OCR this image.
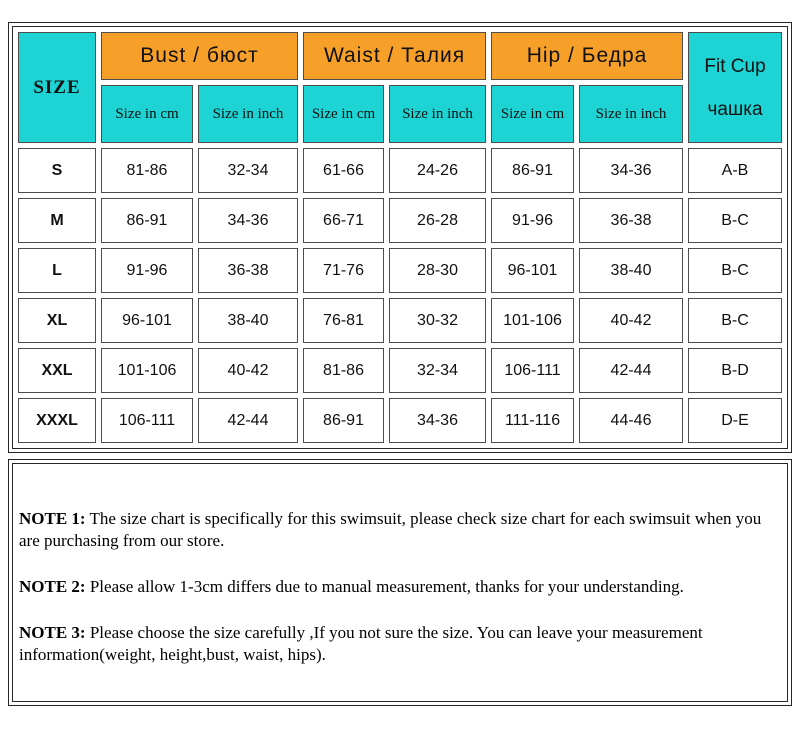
SIZE	Bust / бюст		Waist / Талия		Hip / Бедра		Fit Cup
чашка

	Size in cm	Size in inch	Size in cm	Size in inch	Size in cm	Size in inch	
S	81-86	32-34	61-66	24-26	86-91	34-36	A-B
M	86-91	34-36	66-71	26-28	91-96	36-38	B-C
L	91-96	36-38	71-76	28-30	96-101	38-40	B-C
XL	96-101	38-40	76-81	30-32	101-106	40-42	B-C
XXL	101-106	40-42	81-86	32-34	106-111	42-44	B-D
XXXL	106-111	42-44	86-91	34-36	111-116	44-46	D-E

NOTE 1: The size chart is specifically for this swimsuit, please check size chart for each swimsuit when you are purchasing from our store.

NOTE 2: Please allow 1-3cm differs due to manual measurement, thanks for your understanding.

NOTE 3: Please choose the size carefully ,If you not sure the size. You can leave your measurement information(weight, height,bust, waist, hips).
